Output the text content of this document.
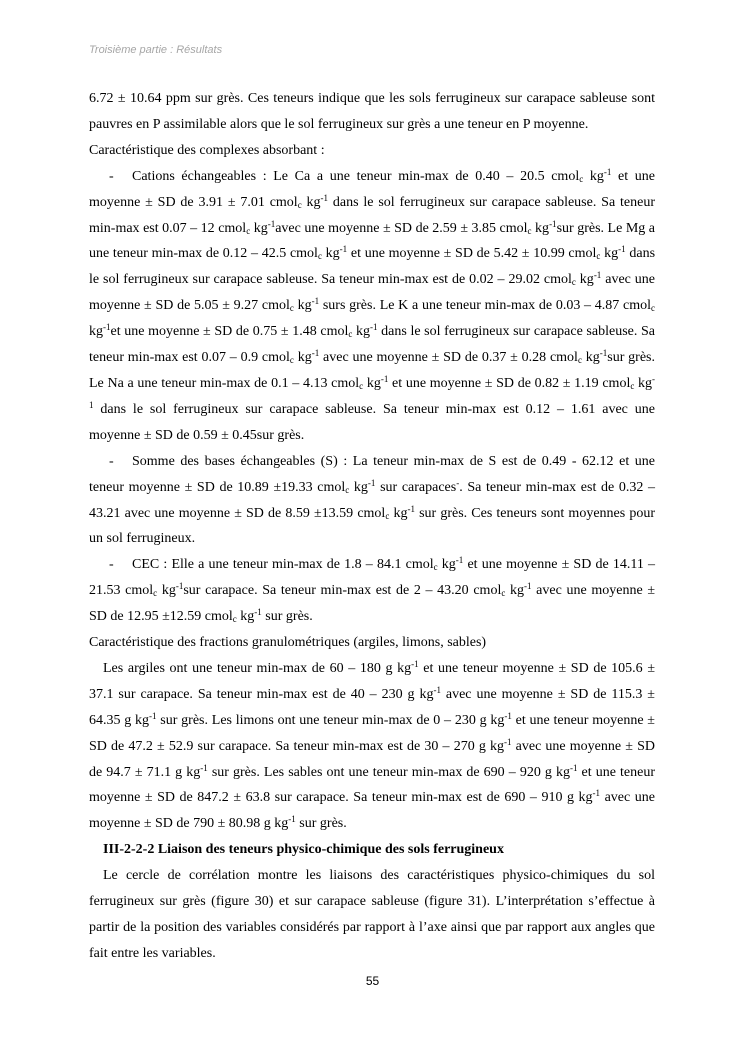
Troisième partie : Résultats

6.72 ± 10.64 ppm sur grès. Ces teneurs indique que les sols ferrugineux sur carapace sableuse sont pauvres en P assimilable alors que le sol ferrugineux sur grès a une teneur en P moyenne.

Caractéristique des complexes absorbant :

- Cations échangeables : Le Ca a une teneur min-max de 0.40 – 20.5 cmol$_c$ $kg^{-1}$ et une moyenne ± SD de 3.91 ± 7.01 cmol$_c$ $kg^{-1}$ dans le sol ferrugineux sur carapace sableuse. Sa teneur min-max est 0.07 – 12 cmol$_c$ $kg^{-1}avec$ une moyenne ± SD de 2.59 ± 3.85 cmol$_c$ $kg^{-1}sur$ grès. Le Mg a une teneur min-max de 0.12 – 42.5 cmol$_c$ $kg^{-1}$ et une moyenne ± SD de 5.42 ± 10.99 cmol$_c$ $kg^{-1}$ dans le sol ferrugineux sur carapace sableuse. Sa teneur min-max est de 0.02 – 29.02 cmol$_c$ $kg^{-1}$ avec une moyenne ± SD de 5.05 ± 9.27 cmol$_c$ $kg^{-1}$ surs grès. Le K a une teneur min-max de 0.03 – 4.87 cmol$_c$ $kg^{-1}et$ une moyenne ± SD de 0.75 ± 1.48 cmol$_c$ $kg^{-1}$ dans le sol ferrugineux sur carapace sableuse. Sa teneur min-max est 0.07 – 0.9 cmol$_c$ $kg^{-1}$ avec une moyenne ± SD de 0.37 ± 0.28 cmol$_c$ $kg^{-1}sur$ grès. Le Na a une teneur min-max de 0.1 – 4.13 cmol$_c$ $kg^{-1}$ et une moyenne ± SD de 0.82 ± 1.19 cmol$_c$ $kg^{-1}$ dans le sol ferrugineux sur carapace sableuse. Sa teneur min-max est 0.12 – 1.61 avec une moyenne ± SD de 0.59 ± 0.45sur grès.

- Somme des bases échangeables (S) : La teneur min-max de S est de 0.49 - 62.12 et une teneur moyenne ± SD de 10.89 ±19.33 cmol$_c$ $kg^{-1}$ sur carapaces-. Sa teneur min-max est de 0.32 – 43.21 avec une moyenne ± SD de 8.59 ±13.59 cmol$_c$ $kg^{-1}$ sur grès. Ces teneurs sont moyennes pour un sol ferrugineux.

- CEC : Elle a une teneur min-max de 1.8 – 84.1 cmol$_c$ $kg^{-1}$ et une moyenne ± SD de 14.11 – 21.53 cmol$_c$ $kg^{-1}sur$ carapace. Sa teneur min-max est de 2 – 43.20 cmol$_c$ $kg^{-1}$ avec une moyenne ± SD de 12.95 ±12.59 cmol$_c$ $kg^{-1}$ sur grès.

Caractéristique des fractions granulométriques (argiles, limons, sables)

Les argiles ont une teneur min-max de 60 – 180 g $kg^{-1}$ et une teneur moyenne ± SD de 105.6 ± 37.1 sur carapace. Sa teneur min-max est de 40 – 230 g $kg^{-1}$ avec une moyenne ± SD de 115.3 ± 64.35 g $kg^{-1}$ sur grès. Les limons ont une teneur min-max de 0 – 230 g $kg^{-1}$ et une teneur moyenne ± SD de 47.2 ± 52.9 sur carapace. Sa teneur min-max est de 30 – 270 g $kg^{-1}$ avec une moyenne ± SD de 94.7 ± 71.1 g $kg^{-1}$ sur grès. Les sables ont une teneur min-max de 690 – 920 g $kg^{-1}$ et une teneur moyenne ± SD de 847.2 ± 63.8 sur carapace. Sa teneur min-max est de 690 – 910 g $kg^{-1}$ avec une moyenne ± SD de 790 ± 80.98 g $kg^{-1}$ sur grès.

III-2-2-2 Liaison des teneurs physico-chimique des sols ferrugineux

Le cercle de corrélation montre les liaisons des caractéristiques physico-chimiques du sol ferrugineux sur grès (figure 30) et sur carapace sableuse (figure 31). L’interprétation s’effectue à partir de la position des variables considérés par rapport à l’axe ainsi que par rapport aux angles que fait entre les variables.

55
